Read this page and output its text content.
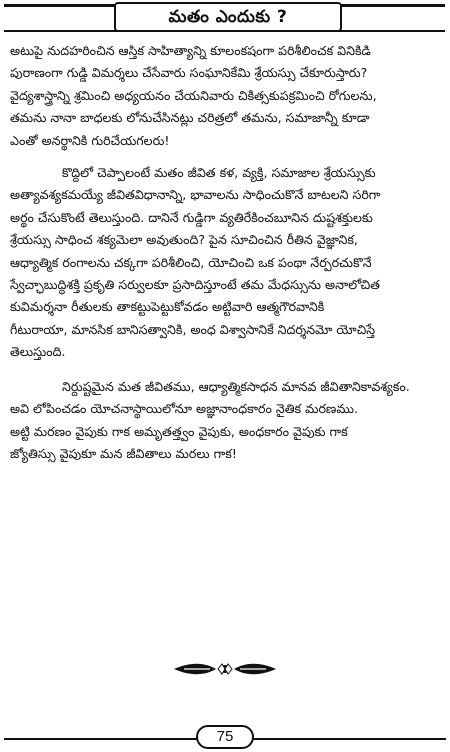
మతం ఎందుకు ?

అటుపై నుదహరించిన ఆస్తిక సాహిత్యాన్ని కూలంకషంగా పరిశీలించక వినికిడి
పురాణంగా గుడ్డి విమర్శలు చేసేవారు సంఘానికేమి శ్రేయస్సు చేకూరుస్తారు?

వైద్యశాస్త్రాన్ని శ్రమించి అధ్యయనం చేయనివారు చికిత్సకుపక్రమించి రోగులను,
తమను నానా బాధలకు లోనుచేసినట్లు చరిత్రలో తమను, సమాజాన్నీ కూడా
ఎంతో అనర్థానికి గురిచేయగలరు!

కొద్దిలో చెప్పాలంటే మతం జీవిత కళ, వ్యక్తి, సమాజాల శ్రేయస్సుకు
అత్యావశ్యకమయ్యే జీవితవిధానాన్ని, భావాలను సాధించుకొనే బాటలని సరిగా
అర్థం చేసుకొంటే తెలుస్తుంది. దానినే గుడ్డిగా వ్యతిరేకించబూనిన దుష్టశక్తులకు
శ్రేయస్సు సాధించ శక్యమెలా అవుతుంది? పైన సూచించిన రీతిన వైజ్ఞానిక,
ఆధ్యాత్మిక రంగాలను చక్కగా పరిశీలించి, యోచించి ఒక పంథా నేర్పరచుకొనే
స్వేచ్ఛాబుద్ధిశక్తి ప్రకృతి సర్వులకూ ప్రసాదిస్తూంటే తమ మేధస్సును అనాలోచిత
కువిమర్శనా రీతులకు తాకట్టుపెట్టుకోవడం అట్టివారి ఆత్మగౌరవానికి
గీటురాయా, మానసిక బానిసత్వానికి, అంధ విశ్వాసానికే నిదర్శనమో యోచిస్తే
తెలుస్తుంది.

నిర్దుష్టమైన మత జీవితము, ఆధ్యాత్మికసాధన మానవ జీవితానికావశ్యకం.
అవి లోపించడం యోచనాస్థాయిలోనూ అజ్ఞానాంధకారం నైతిక మరణము.
అట్టి మరణం వైపుకు గాక అమృతత్త్వం వైపుకు, అంధకారం వైపుకు గాక
జ్యోతిస్సు వైపుకూ మన జీవితాలు మరలు గాక!

75
